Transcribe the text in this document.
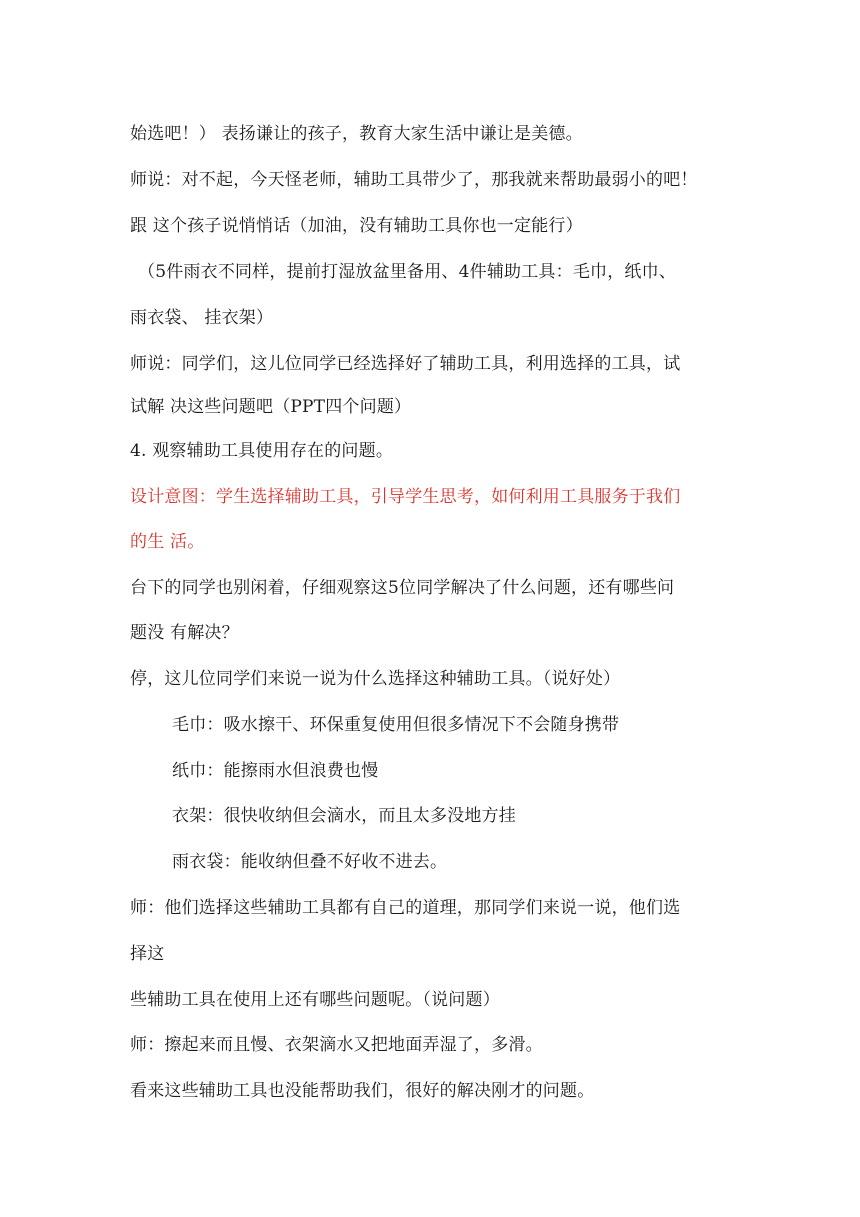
始选吧！） 表扬谦让的孩子，教育大家生活中谦让是美德。
师说：对不起，今天怪老师，辅助工具带少了，那我就来帮助最弱小的吧！
跟 这个孩子说悄悄话（加油，没有辅助工具你也一定能行）
（5件雨衣不同样，提前打湿放盆里备用、4件辅助工具：毛巾，纸巾、
雨衣袋、 挂衣架）
师说：同学们，这儿位同学已经选择好了辅助工具，利用选择的工具，试
试解 决这些问题吧（PPT四个问题）
4. 观察辅助工具使用存在的问题。
设计意图：学生选择辅助工具，引导学生思考，如何利用工具服务于我们
的生 活。
台下的同学也别闲着，仔细观察这5位同学解决了什么问题，还有哪些问
题没 有解决？
停，这儿位同学们来说一说为什么选择这种辅助工具。（说好处）
毛巾：吸水擦干、环保重复使用但很多情况下不会随身携带
纸巾：能擦雨水但浪费也慢
衣架：很快收纳但会滴水，而且太多没地方挂
雨衣袋：能收纳但叠不好收不进去。
师：他们选择这些辅助工具都有自己的道理，那同学们来说一说，他们选
择这
些辅助工具在使用上还有哪些问题呢。（说问题）
师：擦起来而且慢、衣架滴水又把地面弄湿了，多滑。
看来这些辅助工具也没能帮助我们，很好的解决刚才的问题。
